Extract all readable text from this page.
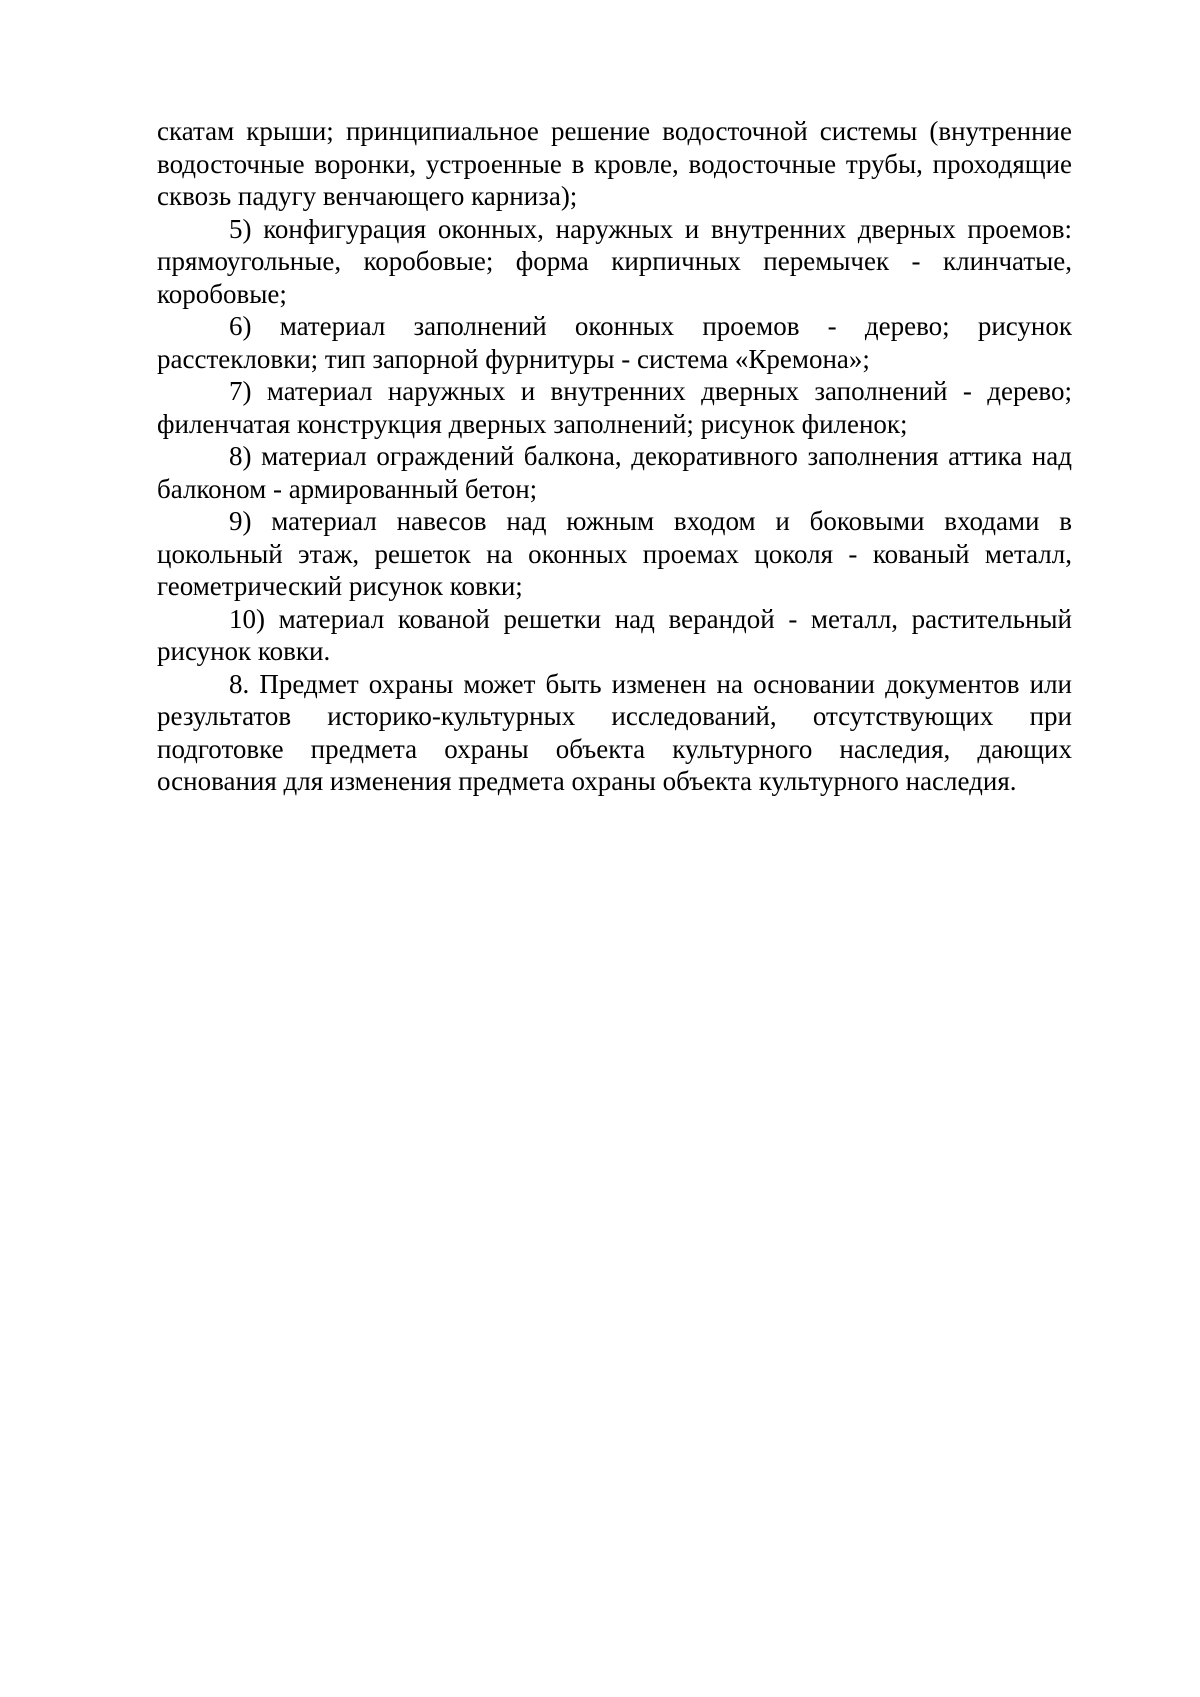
скатам крыши; принципиальное решение водосточной системы (внутренние водосточные воронки, устроенные в кровле, водосточные трубы, проходящие сквозь падугу венчающего карниза);

5) конфигурация оконных, наружных и внутренних дверных проемов: прямоугольные, коробовые; форма кирпичных перемычек - клинчатые, коробовые;

6) материал заполнений оконных проемов - дерево; рисунок расстекловки; тип запорной фурнитуры - система «Кремона»;

7) материал наружных и внутренних дверных заполнений - дерево; филенчатая конструкция дверных заполнений; рисунок филенок;

8) материал ограждений балкона, декоративного заполнения аттика над балконом - армированный бетон;

9) материал навесов над южным входом и боковыми входами в цокольный этаж, решеток на оконных проемах цоколя - кованый металл, геометрический рисунок ковки;

10) материал кованой решетки над верандой - металл, растительный рисунок ковки.

8. Предмет охраны может быть изменен на основании документов или результатов историко-культурных исследований, отсутствующих при подготовке предмета охраны объекта культурного наследия, дающих основания для изменения предмета охраны объекта культурного наследия.
